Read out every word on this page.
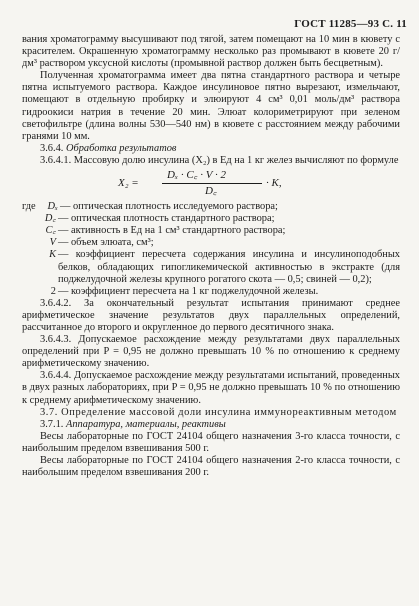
ГОСТ 11285—93 С. 11

вания хроматограмму высушивают под тягой, затем помещают на 10 мин в кювету с красителем. Окрашенную хроматограмму несколько раз промывают в кювете 20 г/дм³ раствором уксусной кислоты (промывной раствор должен быть бесцветным).

Полученная хроматограмма имеет два пятна стандартного раствора и четыре пятна испытуемого раствора. Каждое инсулиновое пятно вырезают, измельчают, помещают в отдельную пробирку и элюируют 4 см³ 0,01 моль/дм³ раствора гидроокиси натрия в течение 20 мин. Элюат колориметрируют при зеленом светофильтре (длина волны 530—540 нм) в кювете с расстоянием между рабочими гранями 10 мм.

3.6.4. Обработка результатов

3.6.4.1. Массовую долю инсулина (X₂) в Ед на 1 кг желез вычисляют по формуле

X₂ =
Dₓ · C꜀ · V · 2
D꜀
· K,
где	Dₓ — оптическая плотность исследуемого раствора;
D꜀ — оптическая плотность стандартного раствора;
C꜀ — активность в Ед на 1 см³ стандартного раствора;
V — объем элюата, см³;
K — коэффициент пересчета содержания инсулина и инсулиноподобных белков, обладающих гипогликемической активностью в экстракте (для поджелудочной железы крупного рогатого скота — 0,5; свиней — 0,2);
2 — коэффициент пересчета на 1 кг поджелудочной железы.

3.6.4.2. За окончательный результат испытания принимают среднее арифметическое значение результатов двух параллельных определений, рассчитанное до второго и округленное до первого десятичного знака.

3.6.4.3. Допускаемое расхождение между результатами двух параллельных определений при P = 0,95 не должно превышать 10 % по отношению к среднему арифметическому значению.

3.6.4.4. Допускаемое расхождение между результатами испытаний, проведенных в двух разных лабораториях, при P = 0,95 не должно превышать 10 % по отношению к среднему арифметическому значению.

3.7. Определение массовой доли инсулина иммунореактивным методом

3.7.1. Аппаратура, материалы, реактивы

Весы лабораторные по ГОСТ 24104 общего назначения 3-го класса точности, с наибольшим пределом взвешивания 500 г.

Весы лабораторные по ГОСТ 24104 общего назначения 2-го класса точности, с наибольшим пределом взвешивания 200 г.
